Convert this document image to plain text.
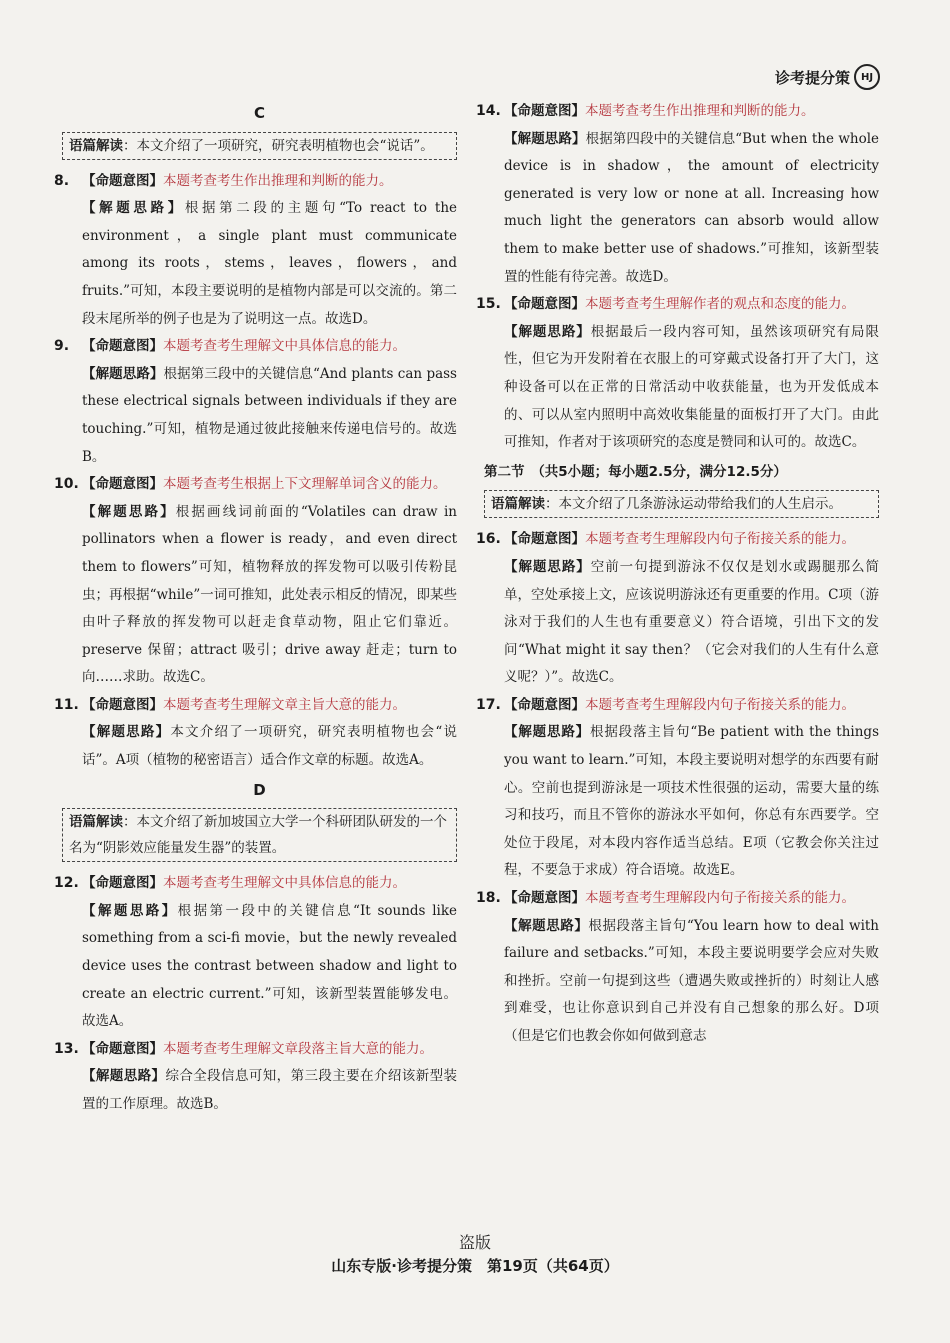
诊考提分策 HJ
C
语篇解读：本文介绍了一项研究，研究表明植物也会“说话”。
8. 【命题意图】本题考查考生作出推理和判断的能力。
【解题思路】根据第二段的主题句“To react to the environment，a single plant must communicate among its roots，stems，leaves，flowers，and fruits.”可知，本段主要说明的是植物内部是可以交流的。第二段末尾所举的例子也是为了说明这一点。故选D。
9. 【命题意图】本题考查考生理解文中具体信息的能力。
【解题思路】根据第三段中的关键信息“And plants can pass these electrical signals between individuals if they are touching.”可知，植物是通过彼此接触来传递电信号的。故选B。
10. 【命题意图】本题考查考生根据上下文理解单词含义的能力。
【解题思路】根据画线词前面的“Volatiles can draw in pollinators when a flower is ready，and even direct them to flowers”可知，植物释放的挥发物可以吸引传粉昆虫；再根据“while”一词可推知，此处表示相反的情况，即某些由叶子释放的挥发物可以赶走食草动物，阻止它们靠近。preserve 保留；attract 吸引；drive away 赶走；turn to 向……求助。故选C。
11. 【命题意图】本题考查考生理解文章主旨大意的能力。
【解题思路】本文介绍了一项研究，研究表明植物也会“说话”。A项（植物的秘密语言）适合作文章的标题。故选A。
D
语篇解读：本文介绍了新加坡国立大学一个科研团队研发的一个名为“阴影效应能量发生器”的装置。
12. 【命题意图】本题考查考生理解文中具体信息的能力。
【解题思路】根据第一段中的关键信息“It sounds like something from a sci-fi movie，but the newly revealed device uses the contrast between shadow and light to create an electric current.”可知，该新型装置能够发电。故选A。
13. 【命题意图】本题考查考生理解文章段落主旨大意的能力。
【解题思路】综合全段信息可知，第三段主要在介绍该新型装置的工作原理。故选B。
14. 【命题意图】本题考查考生作出推理和判断的能力。
【解题思路】根据第四段中的关键信息“But when the whole device is in shadow，the amount of electricity generated is very low or none at all. Increasing how much light the generators can absorb would allow them to make better use of shadows.”可推知，该新型装置的性能有待完善。故选D。
15. 【命题意图】本题考查考生理解作者的观点和态度的能力。
【解题思路】根据最后一段内容可知，虽然该项研究有局限性，但它为开发附着在衣服上的可穿戴式设备打开了大门，这种设备可以在正常的日常活动中收获能量，也为开发低成本的、可以从室内照明中高效收集能量的面板打开了大门。由此可推知，作者对于该项研究的态度是赞同和认可的。故选C。
第二节　（共5小题；每小题2.5分，满分12.5分）
语篇解读：本文介绍了几条游泳运动带给我们的人生启示。
16. 【命题意图】本题考查考生理解段内句子衔接关系的能力。
【解题思路】空前一句提到游泳不仅仅是划水或踢腿那么简单，空处承接上文，应该说明游泳还有更重要的作用。C项（游泳对于我们的人生也有重要意义）符合语境，引出下文的发问“What might it say then？（它会对我们的人生有什么意义呢？）”。故选C。
17. 【命题意图】本题考查考生理解段内句子衔接关系的能力。
【解题思路】根据段落主旨句“Be patient with the things you want to learn.”可知，本段主要说明对想学的东西要有耐心。空前也提到游泳是一项技术性很强的运动，需要大量的练习和技巧，而且不管你的游泳水平如何，你总有东西要学。空处位于段尾，对本段内容作适当总结。E项（它教会你关注过程，不要急于求成）符合语境。故选E。
18. 【命题意图】本题考查考生理解段内句子衔接关系的能力。
【解题思路】根据段落主旨句“You learn how to deal with failure and setbacks.”可知，本段主要说明要学会应对失败和挫折。空前一句提到这些（遭遇失败或挫折的）时刻让人感到难受，也让你意识到自己并没有自己想象的那么好。D项（但是它们也教会你如何做到意志
盗版
山东专版·诊考提分策　第19页（共64页）
